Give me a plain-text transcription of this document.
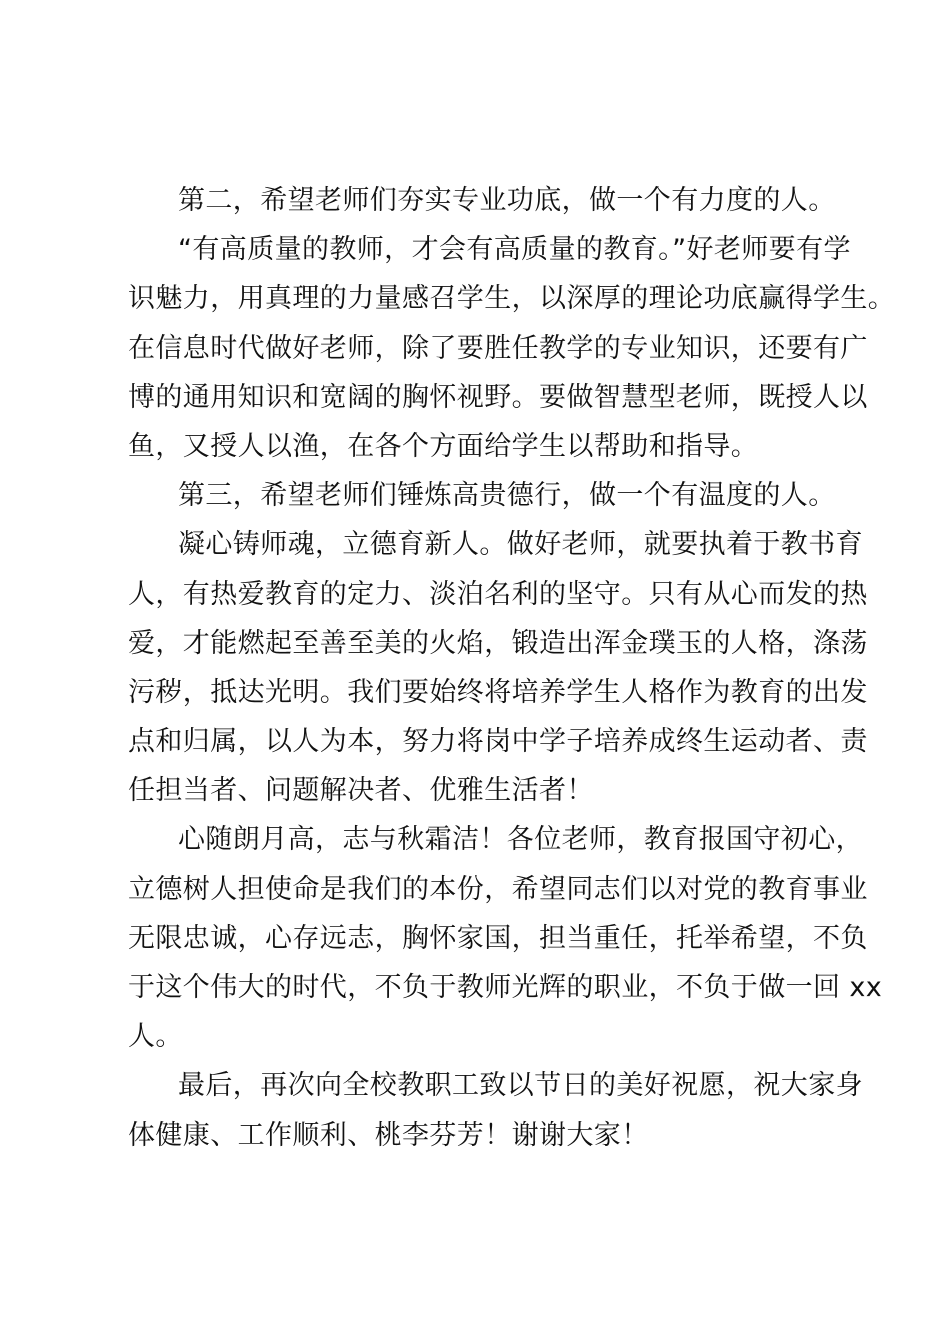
第二，希望老师们夯实专业功底，做一个有力度的人。
“有高质量的教师，才会有高质量的教育。”好老师要有学
识魅力，用真理的力量感召学生，以深厚的理论功底赢得学生。
在信息时代做好老师，除了要胜任教学的专业知识，还要有广
博的通用知识和宽阔的胸怀视野。要做智慧型老师，既授人以
鱼，又授人以渔，在各个方面给学生以帮助和指导。
第三，希望老师们锤炼高贵德行，做一个有温度的人。
凝心铸师魂，立德育新人。做好老师，就要执着于教书育
人，有热爱教育的定力、淡泊名利的坚守。只有从心而发的热
爱，才能燃起至善至美的火焰，锻造出浑金璞玉的人格，涤荡
污秽，抵达光明。我们要始终将培养学生人格作为教育的出发
点和归属，以人为本，努力将岗中学子培养成终生运动者、责
任担当者、问题解决者、优雅生活者！
心随朗月高，志与秋霜洁！各位老师，教育报国守初心，
立德树人担使命是我们的本份，希望同志们以对党的教育事业
无限忠诚，心存远志，胸怀家国，担当重任，托举希望，不负
于这个伟大的时代，不负于教师光辉的职业，不负于做一回 xx
人。
最后，再次向全校教职工致以节日的美好祝愿，祝大家身
体健康、工作顺利、桃李芬芳！谢谢大家！
